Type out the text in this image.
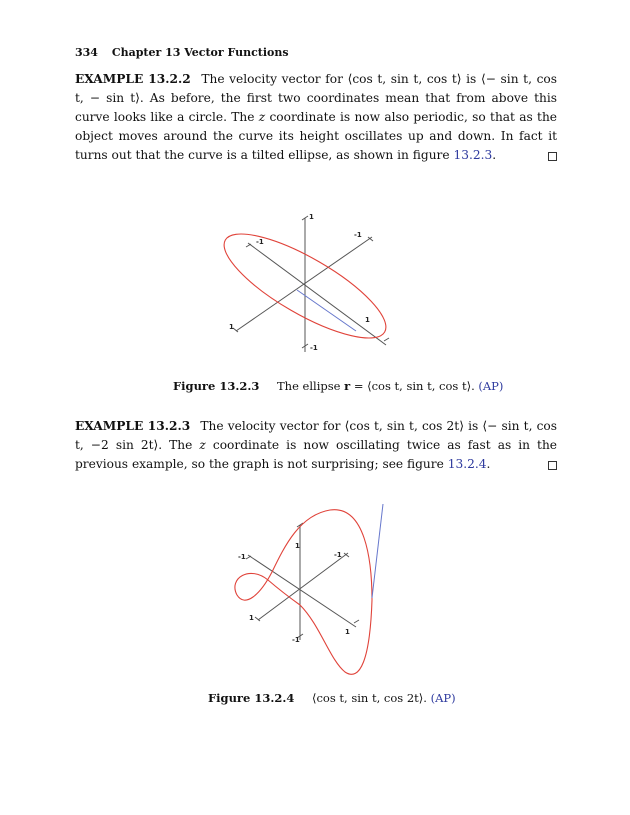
334 Chapter 13 Vector Functions
EXAMPLE 13.2.2 The velocity vector for ⟨cos t, sin t, cos t⟩ is ⟨− sin t, cos t, − sin t⟩. As before, the first two coordinates mean that from above this curve looks like a circle. The z coordinate is now also periodic, so that as the object moves around the curve its height oscillates up and down. In fact it turns out that the curve is a tilted ellipse, as shown in figure 13.2.3.
1
-1
-1
1
1
-1
Figure 13.2.3 The ellipse r = ⟨cos t, sin t, cos t⟩. (AP)
EXAMPLE 13.2.3 The velocity vector for ⟨cos t, sin t, cos 2t⟩ is ⟨− sin t, cos t, −2 sin 2t⟩. The z coordinate is now oscillating twice as fast as in the previous example, so the graph is not surprising; see figure 13.2.4.
1
-1	-1
1
1
-1
Figure 13.2.4 ⟨cos t, sin t, cos 2t⟩. (AP)
